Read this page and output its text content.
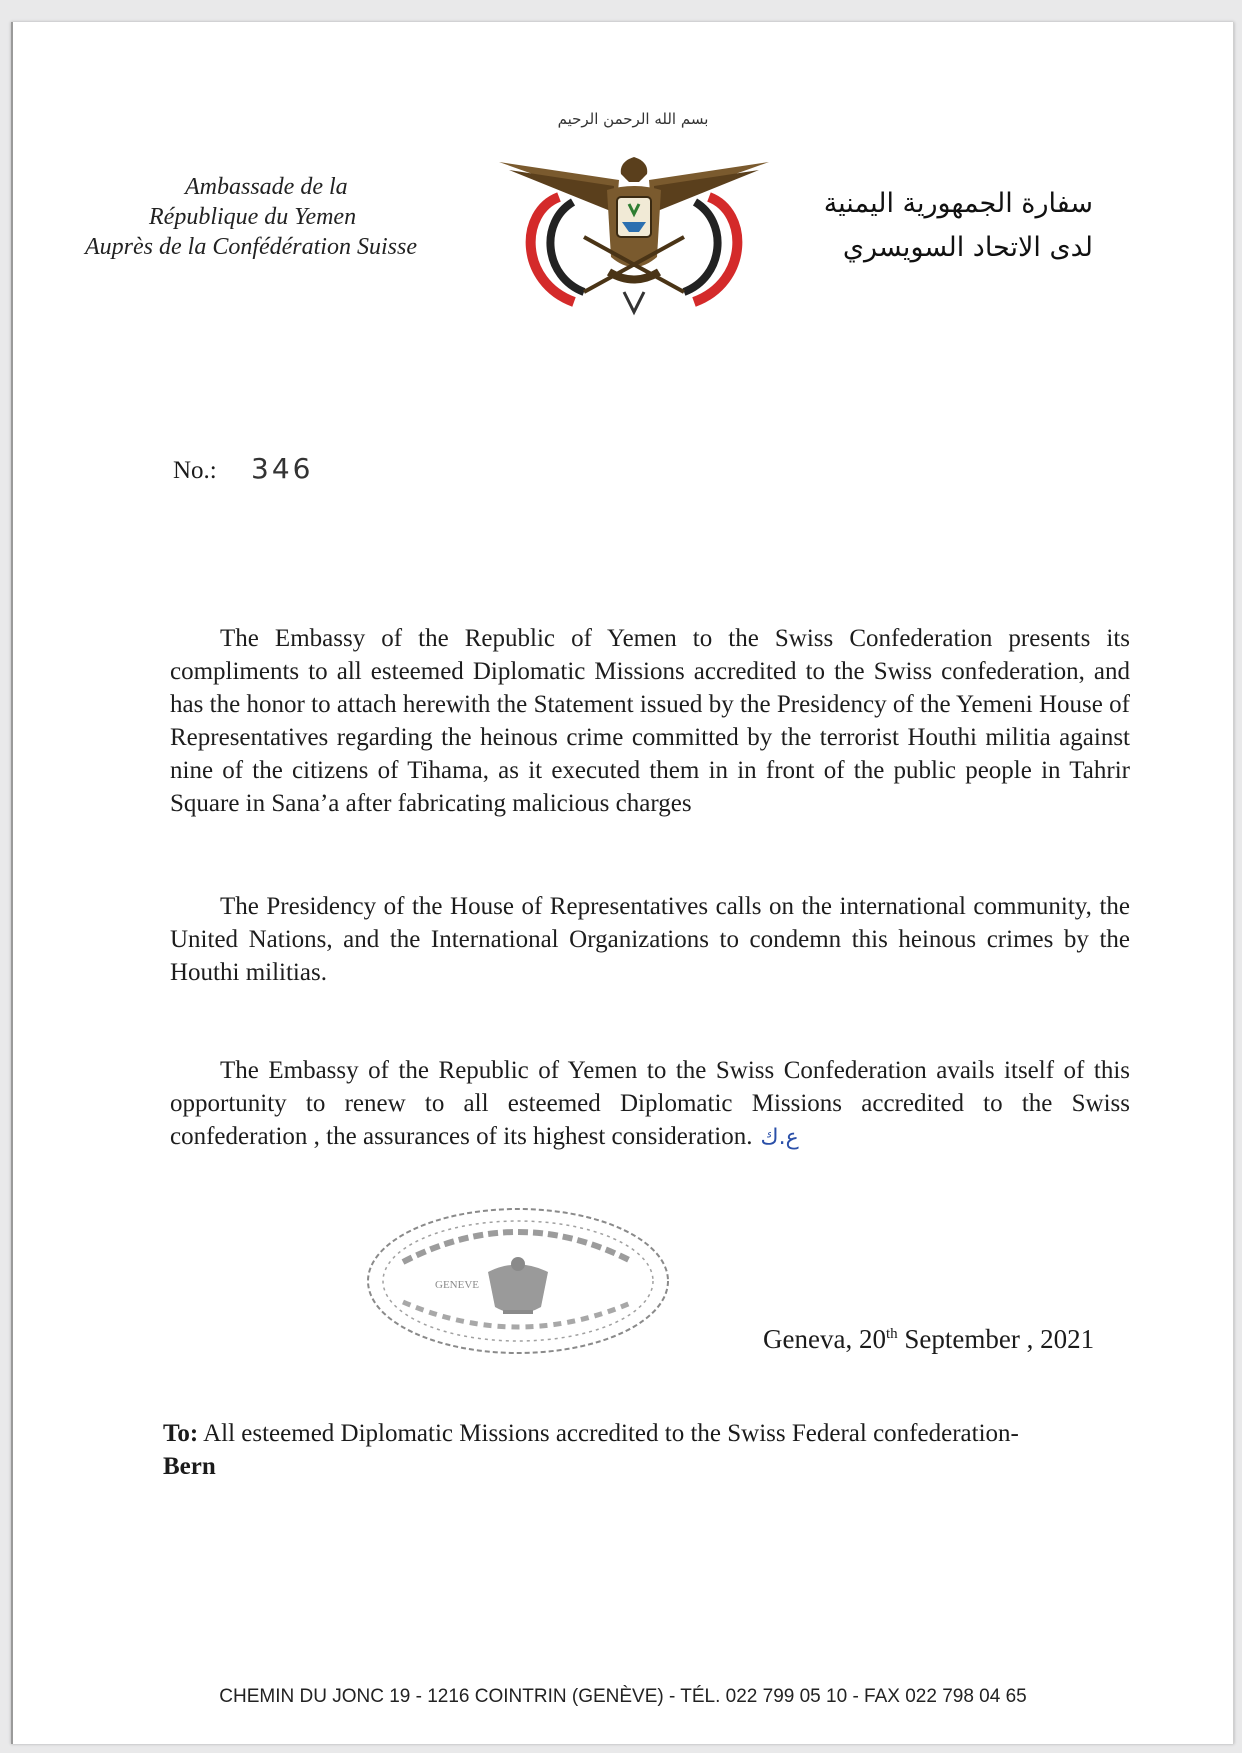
Ambassade de la
République du Yemen
Auprès de la Confédération Suisse
بسم الله الرحمن الرحيم
سفارة الجمهورية اليمنية
لدى الاتحاد السويسري
No.: 346
The Embassy of the Republic of Yemen to the Swiss Confederation presents its compliments to all esteemed Diplomatic Missions accredited to the Swiss confederation, and has the honor to attach herewith the Statement issued by the Presidency of the Yemeni House of Representatives regarding the heinous crime committed by the terrorist Houthi militia against nine of the citizens of Tihama, as it executed them in in front of the public people in Tahrir Square in Sana’a after fabricating malicious charges
The Presidency of the House of Representatives calls on the international community, the United Nations, and the International Organizations to condemn this heinous crimes by the Houthi militias.
The Embassy of the Republic of Yemen to the Swiss Confederation avails itself of this opportunity to renew to all esteemed Diplomatic Missions accredited to the Swiss confederation , the assurances of its highest consideration. ع.ك
GENEVE
Geneva, 20th September , 2021
To: All esteemed Diplomatic Missions accredited to the Swiss Federal confederation- Bern
CHEMIN DU JONC 19 - 1216 COINTRIN (GENÈVE) - TÉL. 022 799 05 10 - FAX 022 798 04 65
